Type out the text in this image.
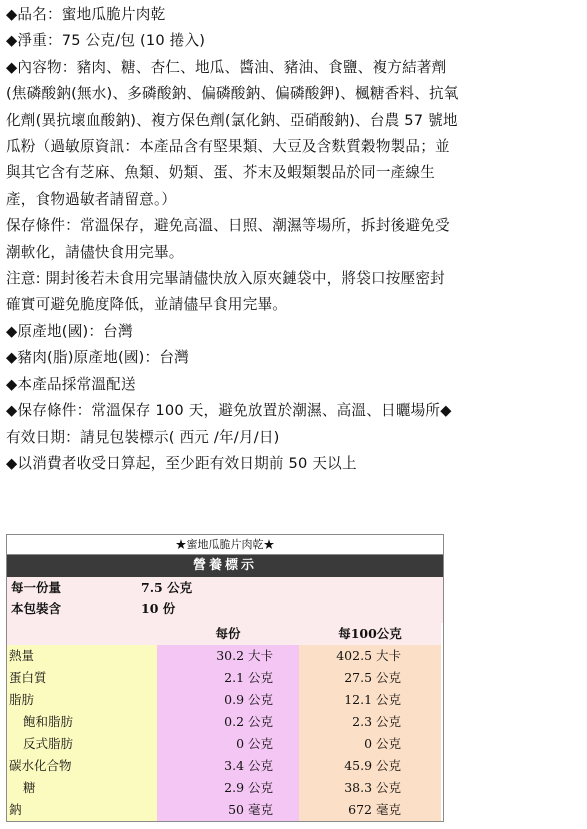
◆品名：蜜地瓜脆片肉乾
◆淨重：75 公克/包 (10 捲入)
◆內容物：豬肉、糖、杏仁、地瓜、醬油、豬油、食鹽、複方結著劑
(焦磷酸鈉(無水)、多磷酸鈉、偏磷酸鈉、偏磷酸鉀)、楓糖香料、抗氧
化劑(異抗壞血酸鈉)、複方保色劑(氯化鈉、亞硝酸鈉)、台農 57 號地
瓜粉（過敏原資訊：本產品含有堅果類、大豆及含麩質穀物製品；並
與其它含有芝麻、魚類、奶類、蛋、芥末及蝦類製品於同一產線生
產，食物過敏者請留意。）
保存條件：常溫保存，避免高溫、日照、潮濕等場所，拆封後避免受
潮軟化，請儘快食用完畢。
注意: 開封後若未食用完畢請儘快放入原夾鏈袋中，將袋口按壓密封
確實可避免脆度降低，並請儘早食用完畢。
◆原產地(國)：台灣
◆豬肉(脂)原產地(國)：台灣
◆本產品採常溫配送
◆保存條件：常溫保存 100 天，避免放置於潮濕、高溫、日曬場所◆
有效日期：請見包裝標示( 西元 /年/月/日)
◆以消費者收受日算起，至少距有效日期前 50 天以上
★蜜地瓜脆片肉乾★
營養標示
每一份量	7.5 公克
本包裝含	10 份
每份	每100公克
熱量	30.2 大卡	402.5 大卡
蛋白質	2.1 公克	27.5 公克
脂肪	0.9 公克	12.1 公克
飽和脂肪	0.2 公克	2.3 公克
反式脂肪	0 公克	0 公克
碳水化合物	3.4 公克	45.9 公克
糖	2.9 公克	38.3 公克
鈉	50 毫克	672 毫克
